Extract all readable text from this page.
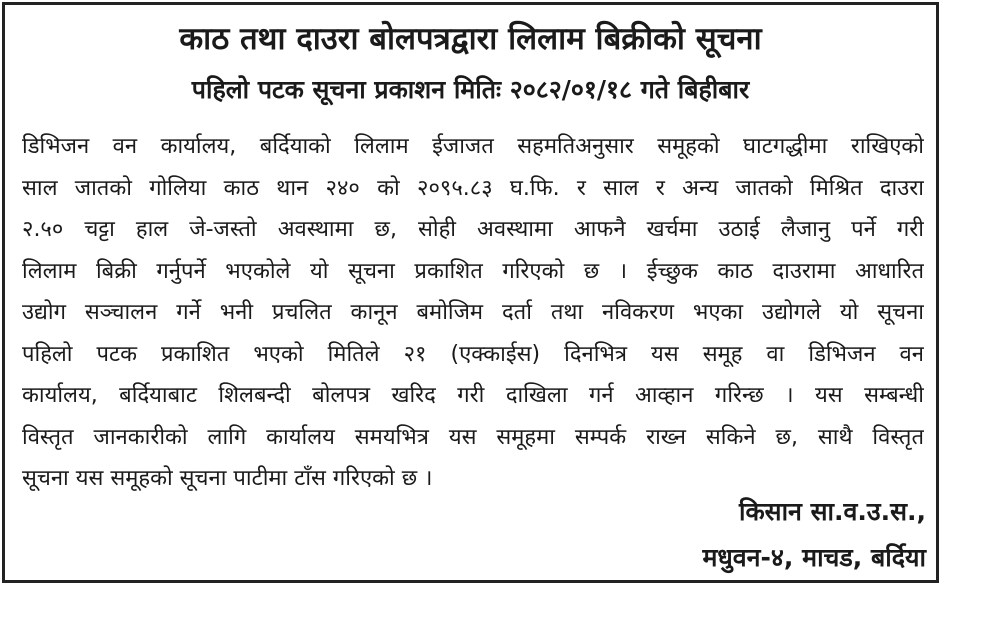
काठ तथा दाउरा बोलपत्रद्वारा लिलाम बिक्रीको सूचना
पहिलो पटक सूचना प्रकाशन मितिः २०८२/०१/१८ गते बिहीबार
डिभिजन वन कार्यालय, बर्दियाको लिलाम ईजाजत सहमतिअनुसार समूहको घाटगद्धीमा राखिएको
साल जातको गोलिया काठ थान २४० को २०९५.८३ घ.फि. र साल र अन्य जातको मिश्रित दाउरा
२.५० चट्टा हाल जे-जस्तो अवस्थामा छ, सोही अवस्थामा आफनै खर्चमा उठाई लैजानु पर्ने गरी
लिलाम बिक्री गर्नुपर्ने भएकोले यो सूचना प्रकाशित गरिएको छ । ईच्छुक काठ दाउरामा आधारित
उद्योग सञ्चालन गर्ने भनी प्रचलित कानून बमोजिम दर्ता तथा नविकरण भएका उद्योगले यो सूचना
पहिलो पटक प्रकाशित भएको मितिले २१ (एक्काईस) दिनभित्र यस समूह वा डिभिजन वन
कार्यालय, बर्दियाबाट शिलबन्दी बोलपत्र खरिद गरी दाखिला गर्न आव्हान गरिन्छ । यस सम्बन्धी
विस्तृत जानकारीको लागि कार्यालय समयभित्र यस समूहमा सम्पर्क राख्न सकिने छ, साथै विस्तृत
सूचना यस समूहको सूचना पाटीमा टाँस गरिएको छ ।
किसान सा.व.उ.स.,
मधुवन-४, माचड, बर्दिया
